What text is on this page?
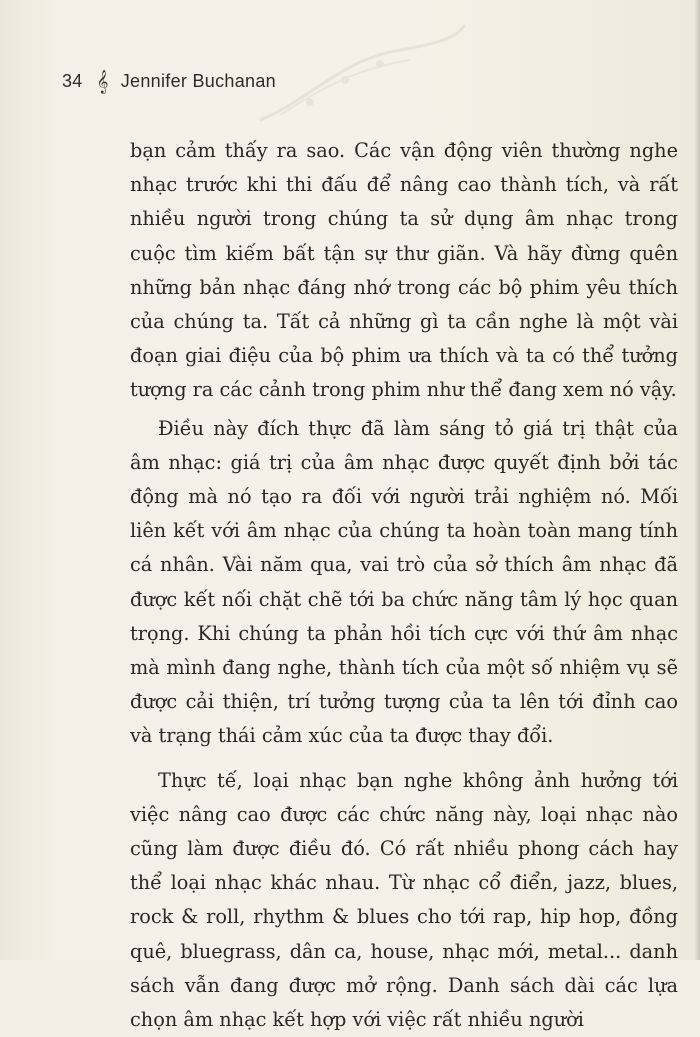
34 𝄞 Jennifer Buchanan

bạn cảm thấy ra sao. Các vận động viên thường nghe nhạc trước khi thi đấu để nâng cao thành tích, và rất nhiều người trong chúng ta sử dụng âm nhạc trong cuộc tìm kiếm bất tận sự thư giãn. Và hãy đừng quên những bản nhạc đáng nhớ trong các bộ phim yêu thích của chúng ta. Tất cả những gì ta cần nghe là một vài đoạn giai điệu của bộ phim ưa thích và ta có thể tưởng tượng ra các cảnh trong phim như thể đang xem nó vậy.

Điều này đích thực đã làm sáng tỏ giá trị thật của âm nhạc: giá trị của âm nhạc được quyết định bởi tác động mà nó tạo ra đối với người trải nghiệm nó. Mối liên kết với âm nhạc của chúng ta hoàn toàn mang tính cá nhân. Vài năm qua, vai trò của sở thích âm nhạc đã được kết nối chặt chẽ tới ba chức năng tâm lý học quan trọng. Khi chúng ta phản hồi tích cực với thứ âm nhạc mà mình đang nghe, thành tích của một số nhiệm vụ sẽ được cải thiện, trí tưởng tượng của ta lên tới đỉnh cao và trạng thái cảm xúc của ta được thay đổi.

Thực tế, loại nhạc bạn nghe không ảnh hưởng tới việc nâng cao được các chức năng này, loại nhạc nào cũng làm được điều đó. Có rất nhiều phong cách hay thể loại nhạc khác nhau. Từ nhạc cổ điển, jazz, blues, rock & roll, rhythm & blues cho tới rap, hip hop, đồng quê, bluegrass, dân ca, house, nhạc mới, metal... danh sách vẫn đang được mở rộng. Danh sách dài các lựa chọn âm nhạc kết hợp với việc rất nhiều người
